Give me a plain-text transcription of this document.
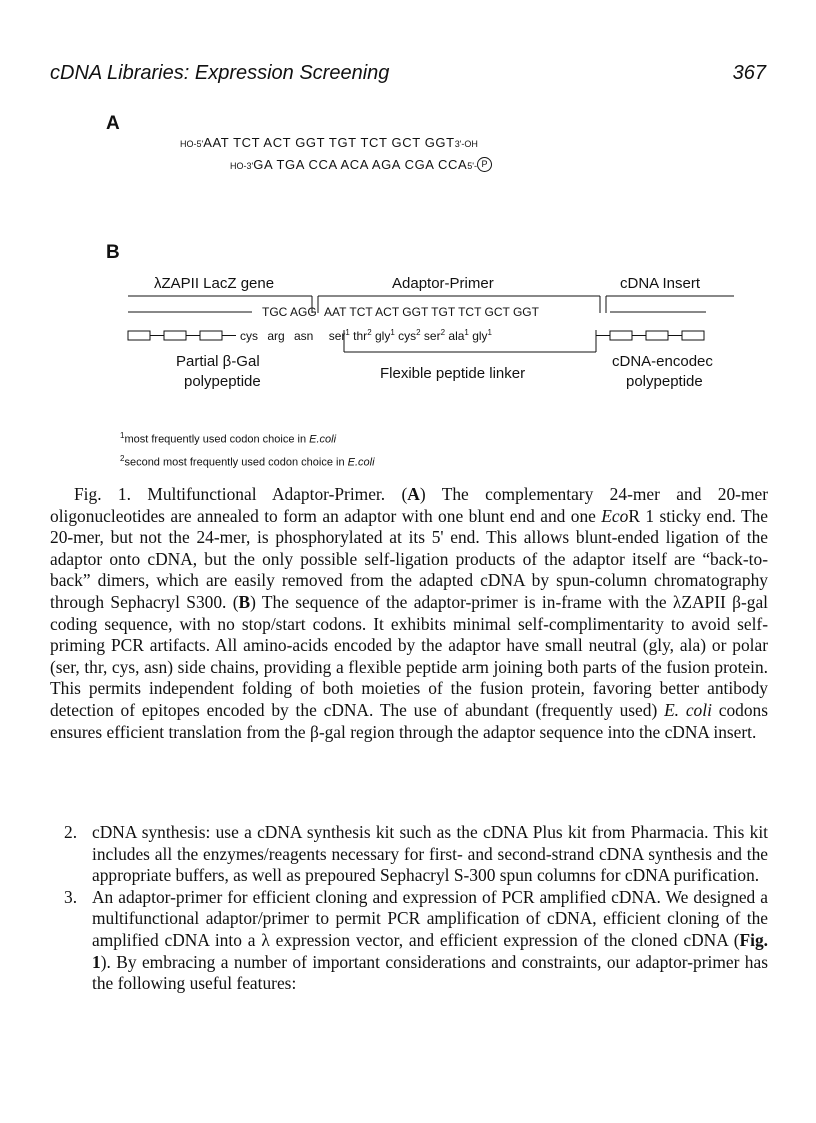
cDNA Libraries: Expression Screening	367
A
HO-5'AAT TCT ACT GGT TGT TCT GCT GGT3'-OH
HO-3'GA TGA CCA ACA AGA CGA CCA5'- P
B
λZAPII LacZ gene	Adaptor-Primer	cDNA Insert
TGC AGG AAT TCT ACT GGT TGT TCT GCT GGT
cys arg asn ser$^1$ thr$^2$ gly$^1$ cys$^2$ ser$^2$ ala$^1$ gly$^1$
Partial β-Gal
polypeptide	Flexible peptide linker
cDNA-encodec
polypeptide
$^1$most frequently used codon choice in E.coli
$^2$second most frequently used codon choice in E.coli
Fig. 1. Multifunctional Adaptor-Primer. (A) The complementary 24-mer and 20-mer oligonucleotides are annealed to form an adaptor with one blunt end and one EcoR 1 sticky end. The 20-mer, but not the 24-mer, is phosphorylated at its 5' end. This allows blunt-ended ligation of the adaptor onto cDNA, but the only possible self-ligation products of the adaptor itself are “back-to-back” dimers, which are easily removed from the adapted cDNA by spun-column chromatography through Sephacryl S300. (B) The sequence of the adaptor-primer is in-frame with the λZAPII β-gal coding sequence, with no stop/start codons. It exhibits minimal self-complimentarity to avoid self-priming PCR artifacts. All amino-acids encoded by the adaptor have small neutral (gly, ala) or polar (ser, thr, cys, asn) side chains, providing a flexible peptide arm joining both parts of the fusion protein. This permits independent folding of both moieties of the fusion protein, favoring better antibody detection of epitopes encoded by the cDNA. The use of abundant (frequently used) E. coli codons ensures efficient translation from the β-gal region through the adaptor sequence into the cDNA insert.
2. cDNA synthesis: use a cDNA synthesis kit such as the cDNA Plus kit from Pharmacia. This kit includes all the enzymes/reagents necessary for first- and second-strand cDNA synthesis and the appropriate buffers, as well as prepoured Sephacryl S-300 spun columns for cDNA purification.
3. An adaptor-primer for efficient cloning and expression of PCR amplified cDNA. We designed a multifunctional adaptor/primer to permit PCR amplification of cDNA, efficient cloning of the amplified cDNA into a λ expression vector, and efficient expression of the cloned cDNA (Fig. 1). By embracing a number of important considerations and constraints, our adaptor-primer has the following useful features:
